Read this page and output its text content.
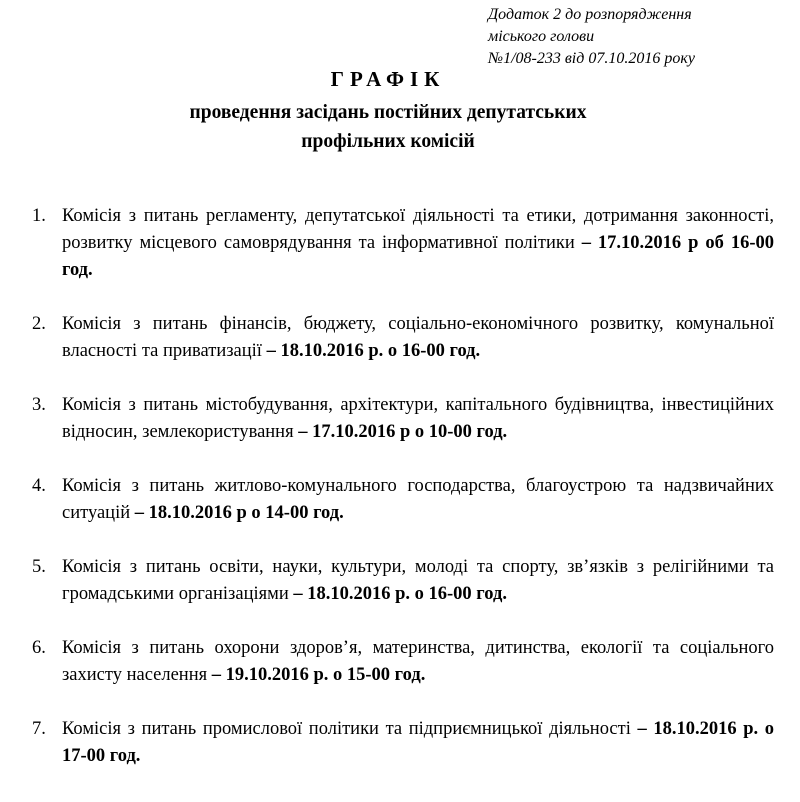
Додаток 2 до розпорядження
міського голови
№1/08-233 від 07.10.2016 року
ГРАФІК
проведення засідань постійних депутатських
профільних комісій
1. Комісія з питань регламенту, депутатської діяльності та етики, дотримання законності, розвитку місцевого самоврядування та інформативної політики – 17.10.2016 р об 16-00 год.
2. Комісія з питань фінансів, бюджету, соціально-економічного розвитку, комунальної власності та приватизації – 18.10.2016 р. о 16-00 год.
3. Комісія з питань містобудування, архітектури, капітального будівництва, інвестиційних відносин, землекористування – 17.10.2016 р о 10-00 год.
4. Комісія з питань житлово-комунального господарства, благоустрою та надзвичайних ситуацій – 18.10.2016 р о 14-00 год.
5. Комісія з питань освіти, науки, культури, молоді та спорту, зв’язків з релігійними та громадськими організаціями – 18.10.2016 р. о 16-00 год.
6. Комісія з питань охорони здоров’я, материнства, дитинства, екології та соціального захисту населення – 19.10.2016 р. о 15-00 год.
7. Комісія з питань промислової політики та підприємницької діяльності – 18.10.2016 р. о 17-00 год.
